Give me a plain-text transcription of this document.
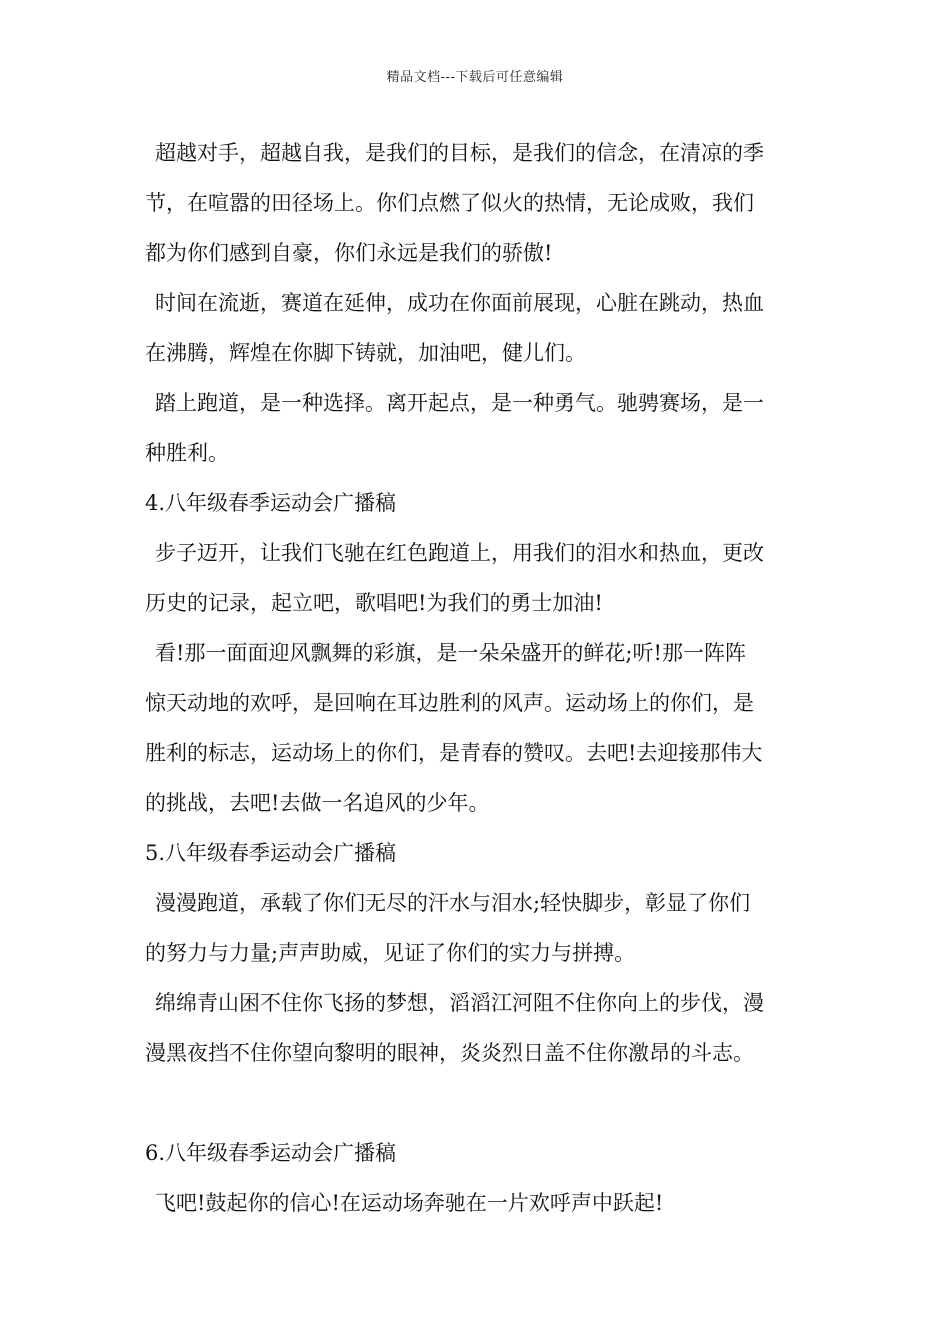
精品文档---下载后可任意编辑
超越对手，超越自我，是我们的目标，是我们的信念，在清凉的季
节，在喧嚣的田径场上。你们点燃了似火的热情，无论成败，我们
都为你们感到自豪，你们永远是我们的骄傲!
时间在流逝，赛道在延伸，成功在你面前展现，心脏在跳动，热血
在沸腾，辉煌在你脚下铸就，加油吧，健儿们。
踏上跑道，是一种选择。离开起点，是一种勇气。驰骋赛场，是一
种胜利。
4.八年级春季运动会广播稿
步子迈开，让我们飞驰在红色跑道上，用我们的泪水和热血，更改
历史的记录，起立吧，歌唱吧!为我们的勇士加油!
看!那一面面迎风飘舞的彩旗，是一朵朵盛开的鲜花;听!那一阵阵
惊天动地的欢呼，是回响在耳边胜利的风声。运动场上的你们，是
胜利的标志，运动场上的你们，是青春的赞叹。去吧!去迎接那伟大
的挑战，去吧!去做一名追风的少年。
5.八年级春季运动会广播稿
漫漫跑道，承载了你们无尽的汗水与泪水;轻快脚步，彰显了你们
的努力与力量;声声助威，见证了你们的实力与拼搏。
绵绵青山困不住你飞扬的梦想，滔滔江河阻不住你向上的步伐，漫
漫黑夜挡不住你望向黎明的眼神，炎炎烈日盖不住你激昂的斗志。
6.八年级春季运动会广播稿
飞吧!鼓起你的信心!在运动场奔驰在一片欢呼声中跃起!
